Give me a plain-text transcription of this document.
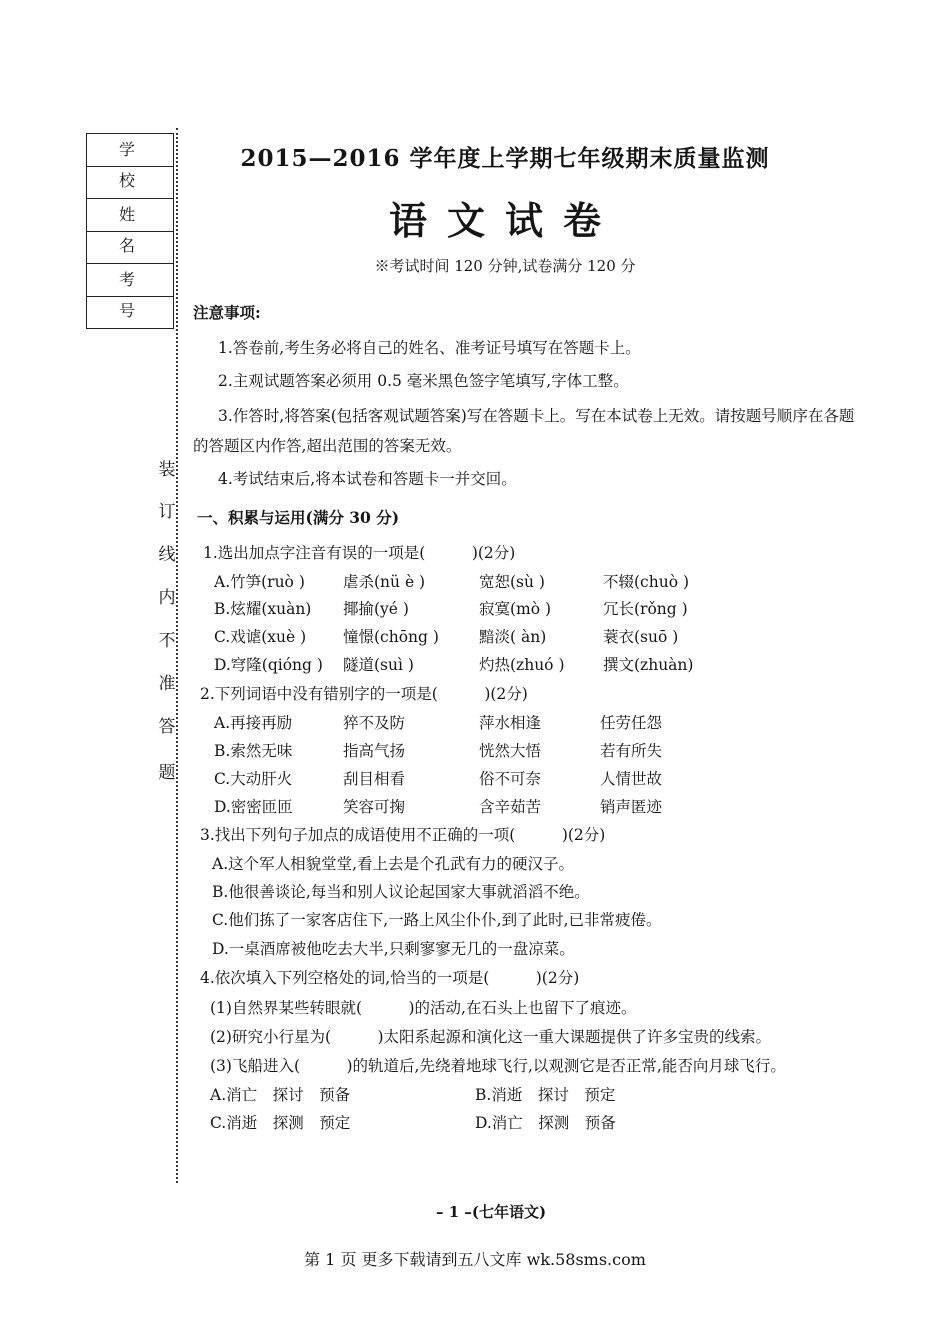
学 校
姓 名
考 号
装
订
线
内
不
准
答
题
2015—2016 学年度上学期七年级期末质量监测
语文试卷
※考试时间 120 分钟,试卷满分 120 分
注意事项:
1.答卷前,考生务必将自己的姓名、准考证号填写在答题卡上。
2.主观试题答案必须用 0.5 毫米黑色签字笔填写,字体工整。
3.作答时,将答案(包括客观试题答案)写在答题卡上。写在本试卷上无效。请按题号顺序在各题
的答题区内作答,超出范围的答案无效。
4.考试结束后,将本试卷和答题卡一并交回。
一、积累与运用(满分 30 分)
1.选出加点字注音有误的一项是(　　　)(2分)
A.竹笋(ruò ) 虐杀(nü è )	宽恕(sù )	不辍(chuò )
B.炫耀(xuàn) 揶揄(yé )	寂寞(mò )	冗长(rǒng )
C.戏谑(xuè ) 憧憬(chōng )	黯淡( àn)	蓑衣(suō )
D.穹隆(qióng ) 隧道(suì )	灼热(zhuó ) 撰文(zhuàn)
2.下列词语中没有错别字的一项是(　　　)(2分)
A.再接再励	猝不及防	萍水相逢	任劳任怨
B.索然无味	指高气扬	恍然大悟	若有所失
C.大动肝火	刮目相看	俗不可奈	人情世故
D.密密匝匝	笑容可掬	含辛茹苦	销声匿迹
3.找出下列句子加点的成语使用不正确的一项(　　　)(2分)
A.这个军人相貌堂堂,看上去是个孔武有力的硬汉子。
B.他很善谈论,每当和别人议论起国家大事就滔滔不绝。
C.他们拣了一家客店住下,一路上风尘仆仆,到了此时,已非常疲倦。
D.一桌酒席被他吃去大半,只剩寥寥无几的一盘凉菜。
4.依次填入下列空格处的词,恰当的一项是(　　　)(2分)
(1)自然界某些转眼就(　　　)的活动,在石头上也留下了痕迹。
(2)研究小行星为(　　　)太阳系起源和演化这一重大课题提供了许多宝贵的线索。
(3)飞船进入(　　　)的轨道后,先绕着地球飞行,以观测它是否正常,能否向月球飞行。
A.消亡　探讨　预备	B.消逝　探讨　预定
C.消逝　探测　预定	D.消亡　探测　预备
– 1 –(七年语文)
第 1 页 更多下载请到五八文库 wk.58sms.com
